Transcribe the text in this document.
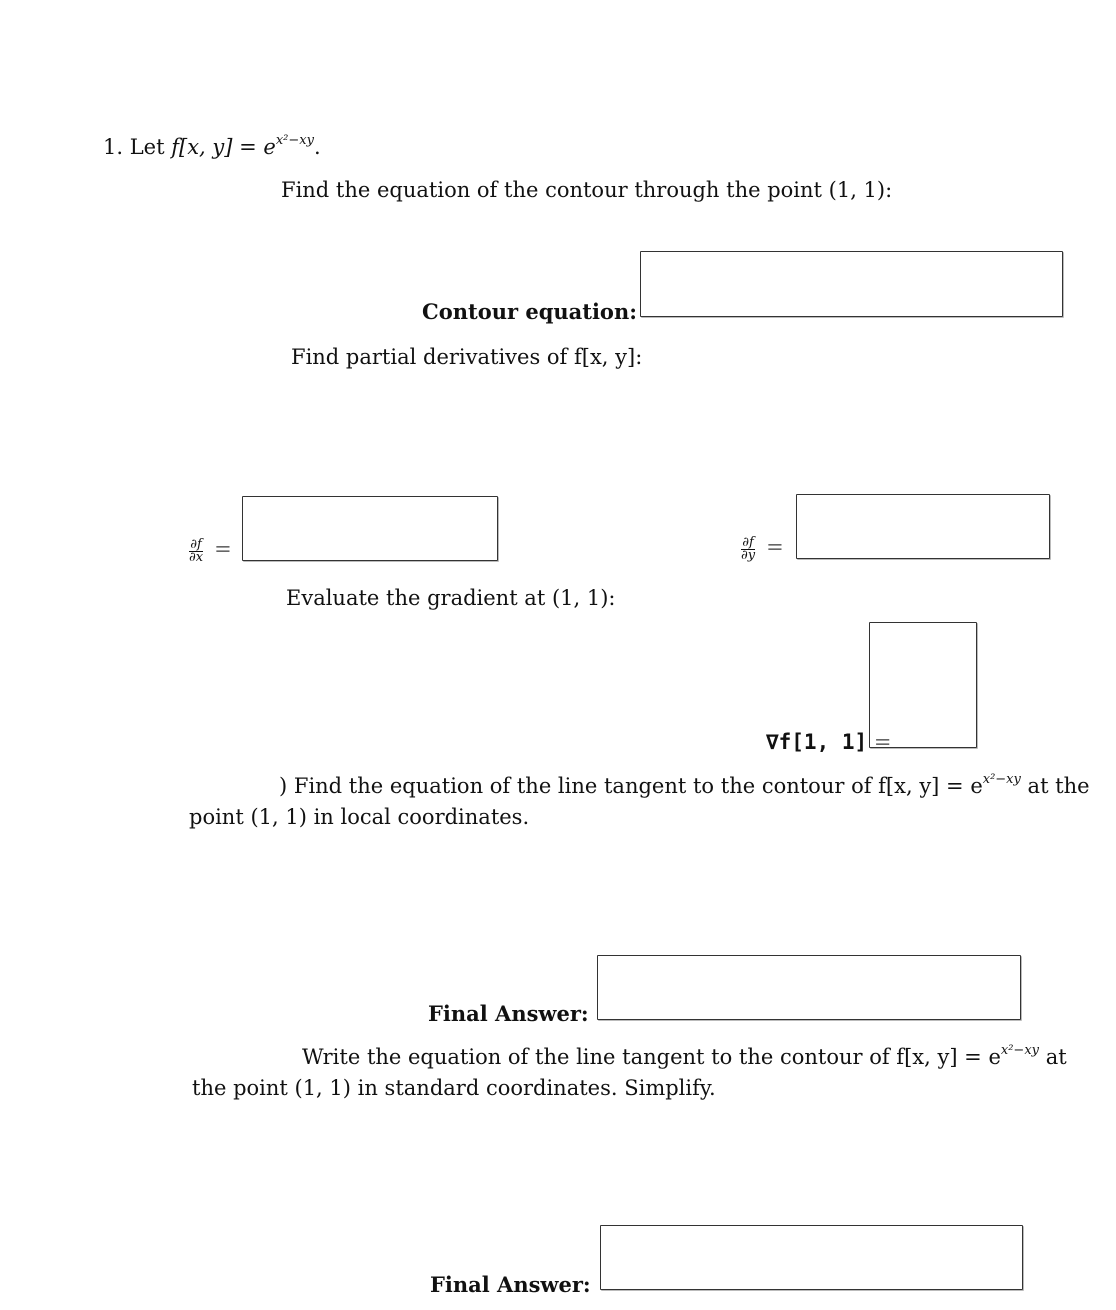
1. Let f[x, $y] = e^{x^2-xy}$.
Find the equation of the contour through the point (1, 1):
Contour equation:
Find partial derivatives of f[x, y]:
$\frac{\partial f}{\partial x}$ =	$\frac{\partial f}{\partial y}$ =
Evaluate the gradient at (1, 1):
∇f[1, 1] =
) Find the equation of the line tangent to the contour of f[x, $y] = e^{x^2-xy}$ at the
point (1, 1) in local coordinates.
Final Answer:
Write the equation of the line tangent to the contour of f[x, $y] = e^{x^2-xy}$ at
the point (1, 1) in standard coordinates. Simplify.
Final Answer:
